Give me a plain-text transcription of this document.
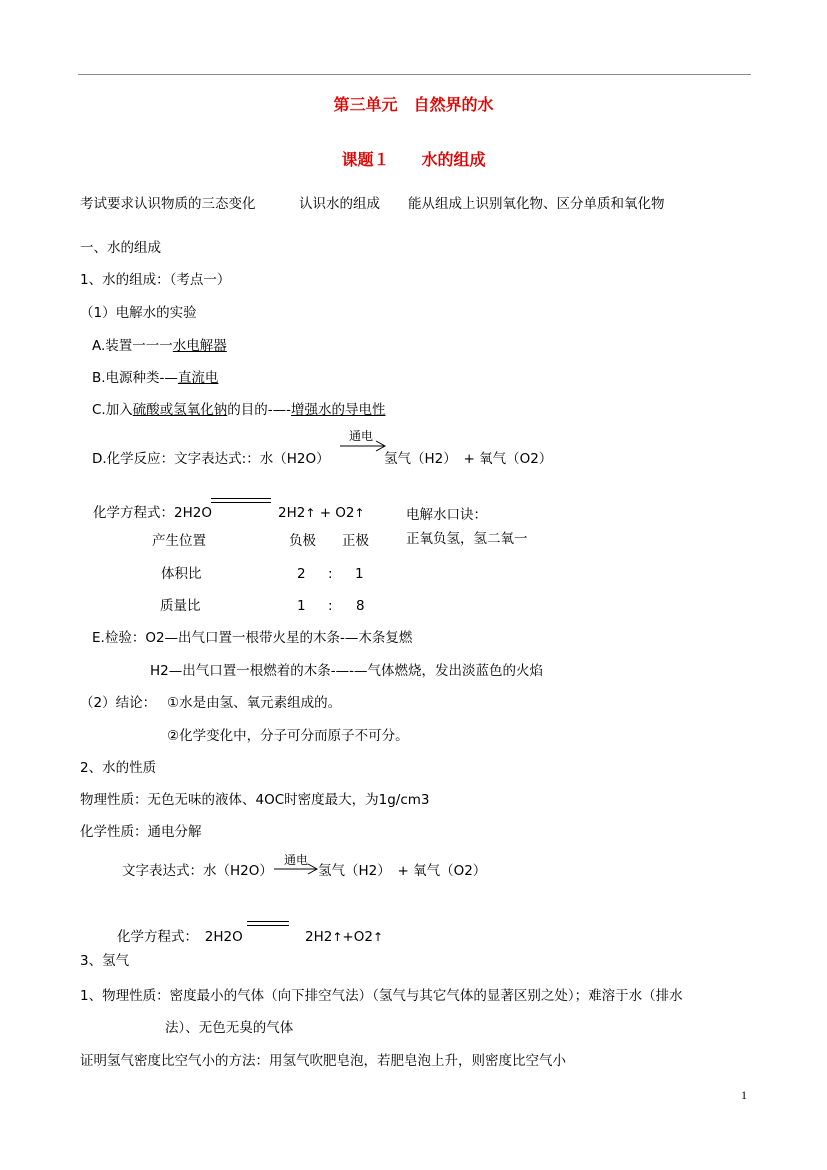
第三单元　自然界的水
课题１　　水的组成
考试要求认识物质的三态变化	认识水的组成 能从组成上识别氧化物、区分单质和氧化物
一、水的组成
1、水的组成：（考点一）
（1）电解水的实验
A.装置一一一水电解器
B.电源种类-—直流电
C.加入硫酸或氢氧化钠的目的-—-增强水的导电性
D.化学反应：文字表达式:：水（H2O）
通电
氢气（H2）　+ 氧气（O2）
化学方程式：2H2O	2H2↑ + O2↑	电解水口诀：
正氧负氢，氢二氧一
产生位置	负极 正极
体积比	2 : 1
质量比	1 : 8
E.检验：O2—出气口置一根带火星的木条-—木条复燃
H2—出气口置一根燃着的木条-—-—气体燃烧，发出淡蓝色的火焰
（2）结论： ①水是由氢、氧元素组成的。
②化学变化中，分子可分而原子不可分。
2、水的性质
物理性质：无色无味的液体、4OC时密度最大，为1g/cm3
化学性质：通电分解
文字表达式：水（H2O）
通电
氢气（H2）　+ 氧气（O2）
化学方程式：　2H2O	2H2↑+O2↑
3、氢气
1、物理性质：密度最小的气体（向下排空气法）（氢气与其它气体的显著区别之处）；难溶于水（排水
法）、无色无臭的气体
证明氢气密度比空气小的方法：用氢气吹肥皂泡，若肥皂泡上升，则密度比空气小
1
